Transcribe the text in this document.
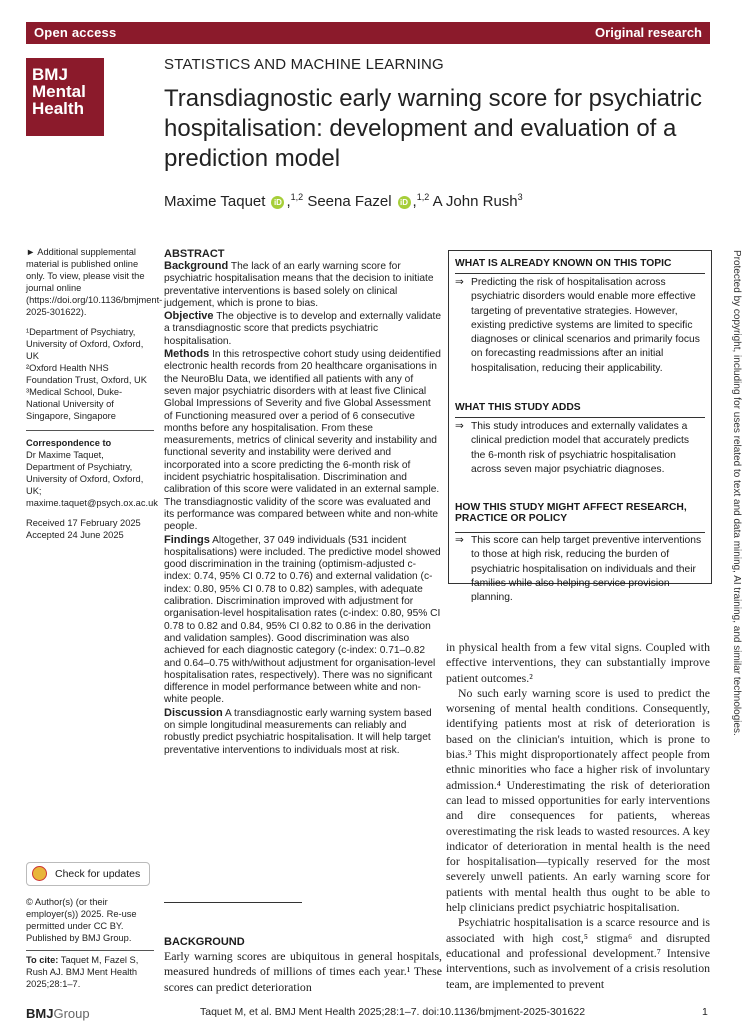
Open access	Original research
BMJ
Mental
Health
STATISTICS AND MACHINE LEARNING
Transdiagnostic early warning score for psychiatric hospitalisation: development and evaluation of a prediction model
Maxime Taquet iD ,$^{1,2}$ Seena Fazel iD ,$^{1,2}$ A John Rush$^3$
► Additional supplemental material is published online only. To view, please visit the journal online (https://doi.org/10.1136/bmjment-2025-301622).
¹Department of Psychiatry, University of Oxford, Oxford, UK
²Oxford Health NHS Foundation Trust, Oxford, UK
³Medical School, Duke-National University of Singapore, Singapore
Correspondence to
Dr Maxime Taquet, Department of Psychiatry, University of Oxford, Oxford, UK; maxime.taquet@psych.ox.ac.uk
Received 17 February 2025
Accepted 24 June 2025
Check for updates
© Author(s) (or their employer(s)) 2025. Re-use permitted under CC BY. Published by BMJ Group.
To cite: Taquet M, Fazel S, Rush AJ. BMJ Ment Health 2025;28:1–7.
ABSTRACT

Background The lack of an early warning score for psychiatric hospitalisation means that the decision to initiate preventative interventions is based solely on clinical judgement, which is prone to bias.

Objective The objective is to develop and externally validate a transdiagnostic score that predicts psychiatric hospitalisation.

Methods In this retrospective cohort study using deidentified electronic health records from 20 healthcare organisations in the NeuroBlu Data, we identified all patients with any of seven major psychiatric disorders with at least five Clinical Global Impressions of Severity and five Global Assessment of Functioning measured over a period of 6 consecutive months before any hospitalisation. From these measurements, metrics of clinical severity and instability and functional severity and instability were derived and incorporated into a score predicting the 6-month risk of incident psychiatric hospitalisation. Discrimination and calibration of this score were validated in an external sample. The transdiagnostic validity of the score was evaluated and its performance was compared between white and non-white people.

Findings Altogether, 37 049 individuals (531 incident hospitalisations) were included. The predictive model showed good discrimination in the training (optimism-adjusted c-index: 0.74, 95% CI 0.72 to 0.76) and external validation (c-index: 0.80, 95% CI 0.78 to 0.82) samples, with adequate calibration. Discrimination improved with adjustment for organisation-level hospitalisation rates (c-index: 0.80, 95% CI 0.78 to 0.82 and 0.84, 95% CI 0.82 to 0.86 in the derivation and validation samples). Good discrimination was also achieved for each diagnostic category (c-index: 0.71–0.82 and 0.64–0.75 with/without adjustment for organisation-level hospitalisation rates, respectively). There was no significant difference in model performance between white and non-white people.

Discussion A transdiagnostic early warning system based on simple longitudinal measurements can reliably and robustly predict psychiatric hospitalisation. It will help target preventative interventions to individuals most at risk.

BACKGROUND
Early warning scores are ubiquitous in general hospitals, measured hundreds of millions of times each year.¹ These scores can predict deterioration
WHAT IS ALREADY KNOWN ON THIS TOPIC
⇒ Predicting the risk of hospitalisation across psychiatric disorders would enable more effective targeting of preventative strategies. However, existing predictive systems are limited to specific diagnoses or clinical scenarios and primarily focus on forecasting readmissions after an initial hospitalisation, reducing their applicability.
WHAT THIS STUDY ADDS
⇒ This study introduces and externally validates a clinical prediction model that accurately predicts the 6-month risk of psychiatric hospitalisation across seven major psychiatric diagnoses.
HOW THIS STUDY MIGHT AFFECT RESEARCH,
PRACTICE OR POLICY
⇒ This score can help target preventive interventions to those at high risk, reducing the burden of psychiatric hospitalisation on individuals and their families while also helping service provision planning.

in physical health from a few vital signs. Coupled with effective interventions, they can substantially improve patient outcomes.²

No such early warning score is used to predict the worsening of mental health conditions. Consequently, identifying patients most at risk of deterioration is based on the clinician's intuition, which is prone to bias.³ This might disproportionately affect people from ethnic minorities who face a higher risk of involuntary admission.⁴ Underestimating the risk of deterioration can lead to missed opportunities for early interventions and dire consequences for patients, whereas overestimating the risk leads to wasted resources. A key indicator of deterioration in mental health is the need for hospitalisation—typically reserved for the most severely unwell patients. An early warning score for patients with mental health thus ought to be able to help clinicians predict psychiatric hospitalisation.

Psychiatric hospitalisation is a scarce resource and is associated with high cost,⁵ stigma⁶ and disrupted educational and professional development.⁷ Intensive interventions, such as involvement of a crisis resolution team, are implemented to prevent

Protected by copyright, including for uses related to text and data mining, AI training, and similar technologies.
BMJGroup	Taquet M, et al. BMJ Ment Health 2025;28:1–7. doi:10.1136/bmjment-2025-301622	1
